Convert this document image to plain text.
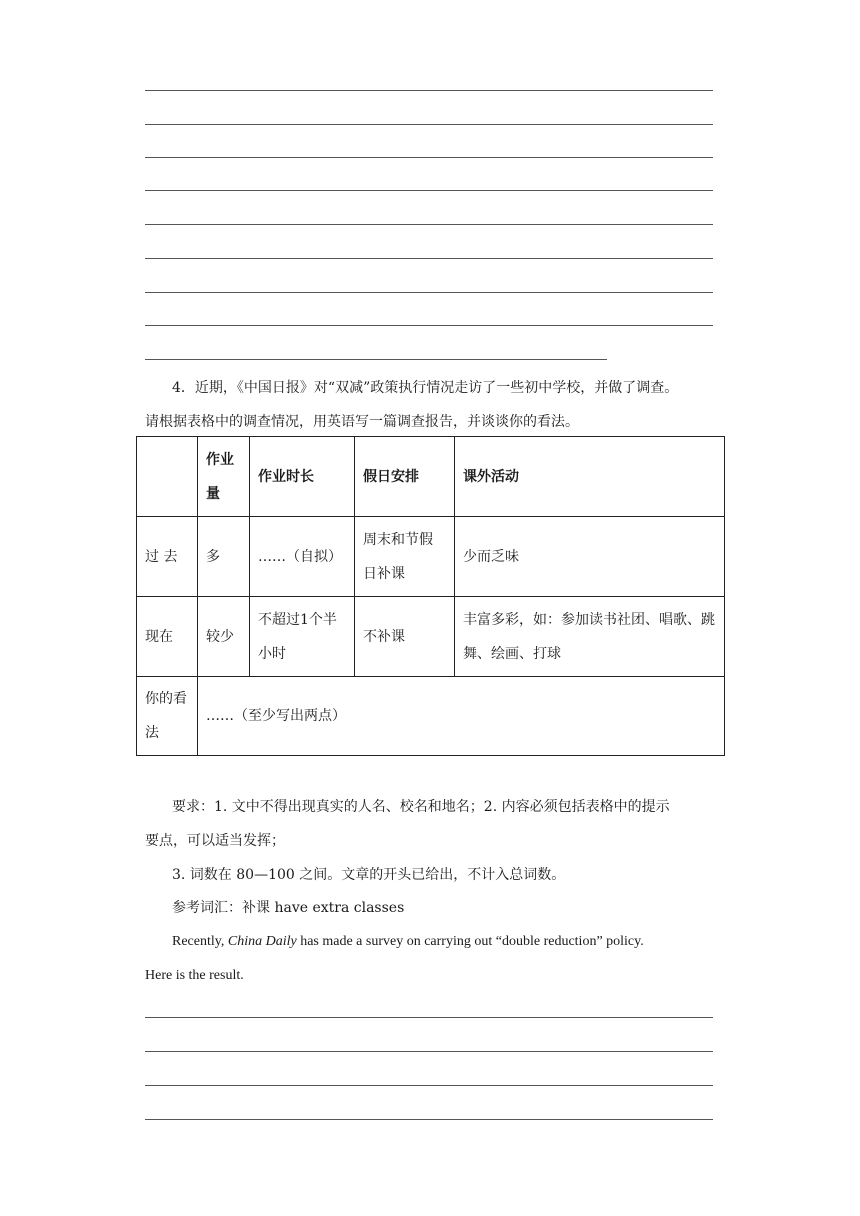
4．近期，《中国日报》对“双减”政策执行情况走访了一些初中学校，并做了调查。
请根据表格中的调查情况，用英语写一篇调查报告，并谈谈你的看法。
	作业量	作业时长	假日安排	课外活动
过 去	多	……（自拟）	周末和节假日补课	少而乏味
现在	较少	不超过1个半小时	不补课	丰富多彩，如：参加读书社团、唱歌、跳舞、绘画、打球
你的看法	……（至少写出两点）			
要求：1. 文中不得出现真实的人名、校名和地名；2. 内容必须包括表格中的提示
要点，可以适当发挥；
3. 词数在 80—100 之间。文章的开头已给出，不计入总词数。
参考词汇：补课 have extra classes
Recently, China Daily has made a survey on carrying out “double reduction” policy.
Here is the result.
